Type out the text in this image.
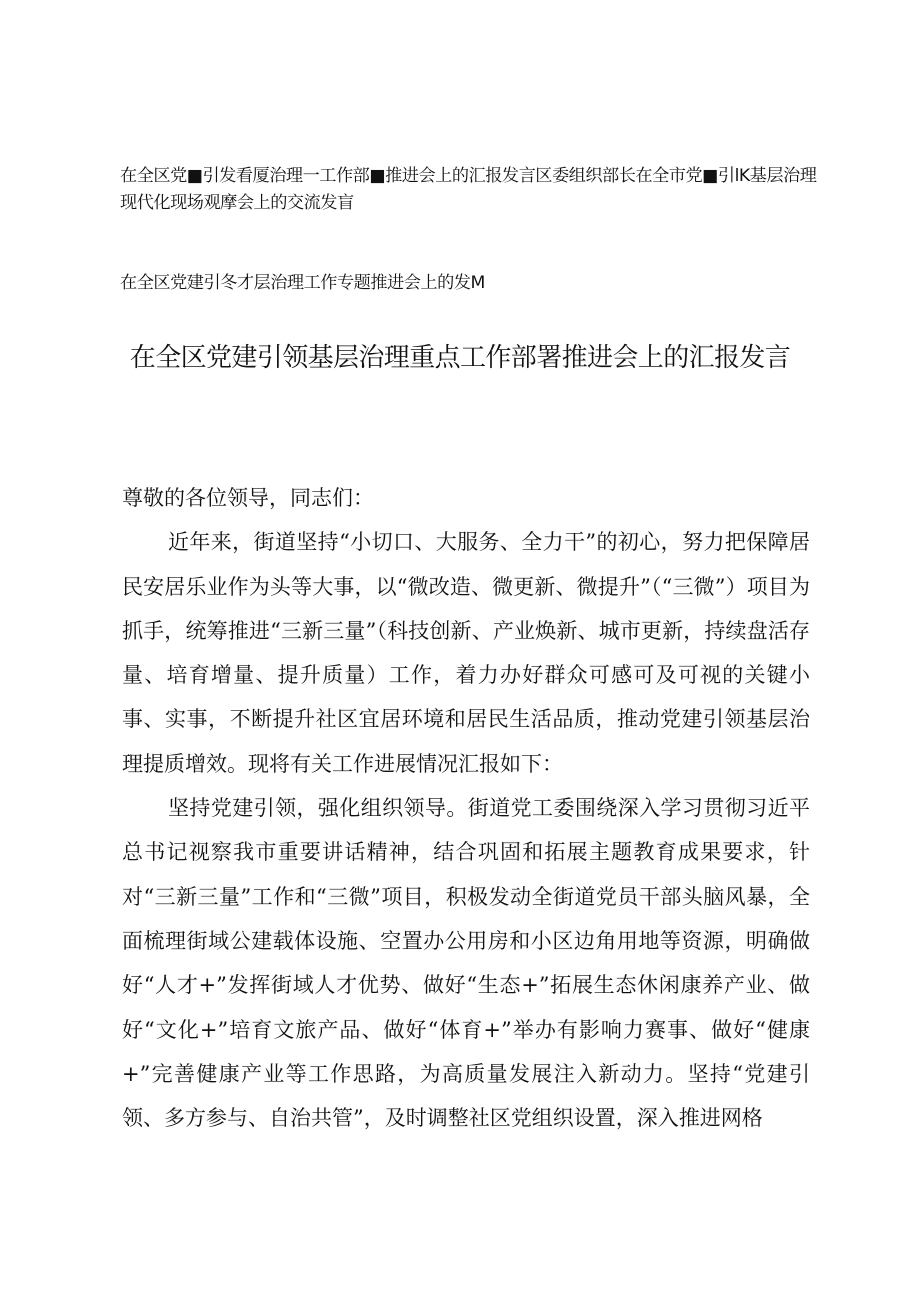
在全区党■引发看厦治理一工作部■推进会上的汇报发言区委组织部长在全市党■引lK基层治理现代化现场观摩会上的交流发盲

在全区党建引冬才层治理工作专题推进会上的发M

在全区党建引领基层治理重点工作部署推进会上的汇报发言

尊敬的各位领导，同志们：

近年来，街道坚持“小切口、大服务、全力干”的初心，努力把保障居民安居乐业作为头等大事，以“微改造、微更新、微提升”（“三微”）项目为抓手，统筹推进“三新三量”（科技创新、产业焕新、城市更新，持续盘活存量、培育增量、提升质量）工作，着力办好群众可感可及可视的关键小事、实事，不断提升社区宜居环境和居民生活品质，推动党建引领基层治理提质增效。现将有关工作进展情况汇报如下：

坚持党建引领，强化组织领导。街道党工委围绕深入学习贯彻习近平总书记视察我市重要讲话精神，结合巩固和拓展主题教育成果要求，针对“三新三量”工作和“三微”项目，积极发动全街道党员干部头脑风暴，全面梳理街域公建载体设施、空置办公用房和小区边角用地等资源，明确做好“人才+”发挥街域人才优势、做好“生态+”拓展生态休闲康养产业、做好“文化+”培育文旅产品、做好“体育+”举办有影响力赛事、做好“健康+”完善健康产业等工作思路，为高质量发展注入新动力。坚持“党建引领、多方参与、自治共管”，及时调整社区党组织设置，深入推进网格
